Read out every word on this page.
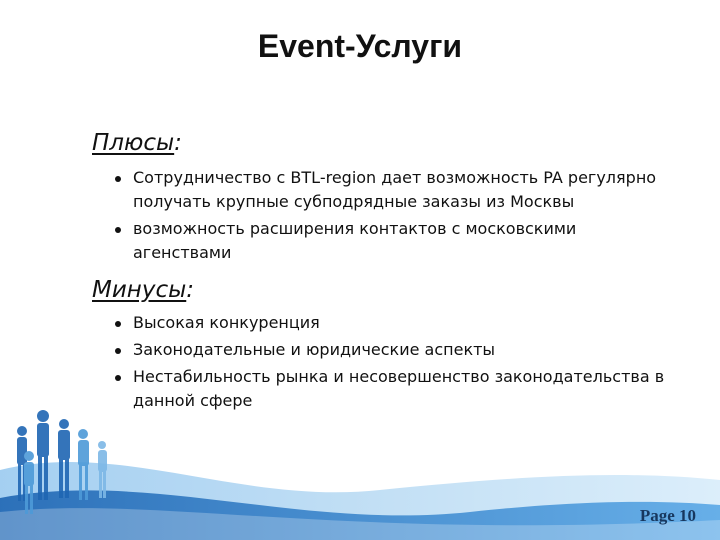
Event-Услуги
Плюсы:
Сотрудничество с BTL-region дает возможность PA регулярно получать крупные субподрядные заказы из Москвы
возможность расширения контактов с московскими агенствами
Минусы:
Высокая конкуренция
Законодательные и юридические аспекты
Нестабильность рынка и несовершенство законодательства в данной сфере
Page 10
